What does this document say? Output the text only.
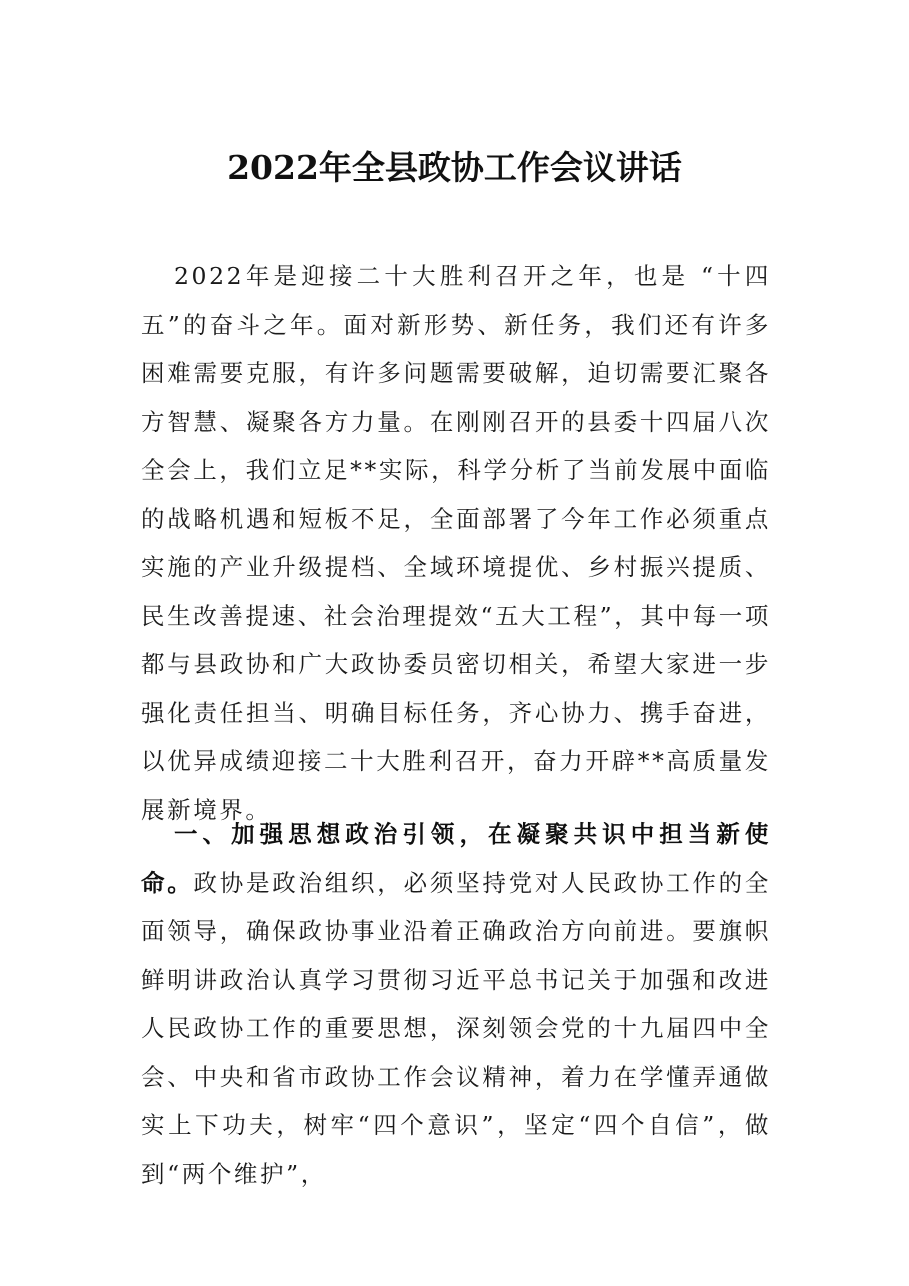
2022年全县政协工作会议讲话

2022年是迎接二十大胜利召开之年，也是 “十四五”的奋斗之年。面对新形势、新任务，我们还有许多困难需要克服，有许多问题需要破解，迫切需要汇聚各方智慧、凝聚各方力量。在刚刚召开的县委十四届八次全会上，我们立足**实际，科学分析了当前发展中面临的战略机遇和短板不足，全面部署了今年工作必须重点实施的产业升级提档、全域环境提优、乡村振兴提质、民生改善提速、社会治理提效“五大工程”，其中每一项都与县政协和广大政协委员密切相关，希望大家进一步强化责任担当、明确目标任务，齐心协力、携手奋进，以优异成绩迎接二十大胜利召开，奋力开辟**高质量发展新境界。

一、加强思想政治引领，在凝聚共识中担当新使命。政协是政治组织，必须坚持党对人民政协工作的全面领导，确保政协事业沿着正确政治方向前进。要旗帜鲜明讲政治认真学习贯彻习近平总书记关于加强和改进人民政协工作的重要思想，深刻领会党的十九届四中全会、中央和省市政协工作会议精神，着力在学懂弄通做实上下功夫，树牢“四个意识”，坚定“四个自信”，做到“两个维护”，
